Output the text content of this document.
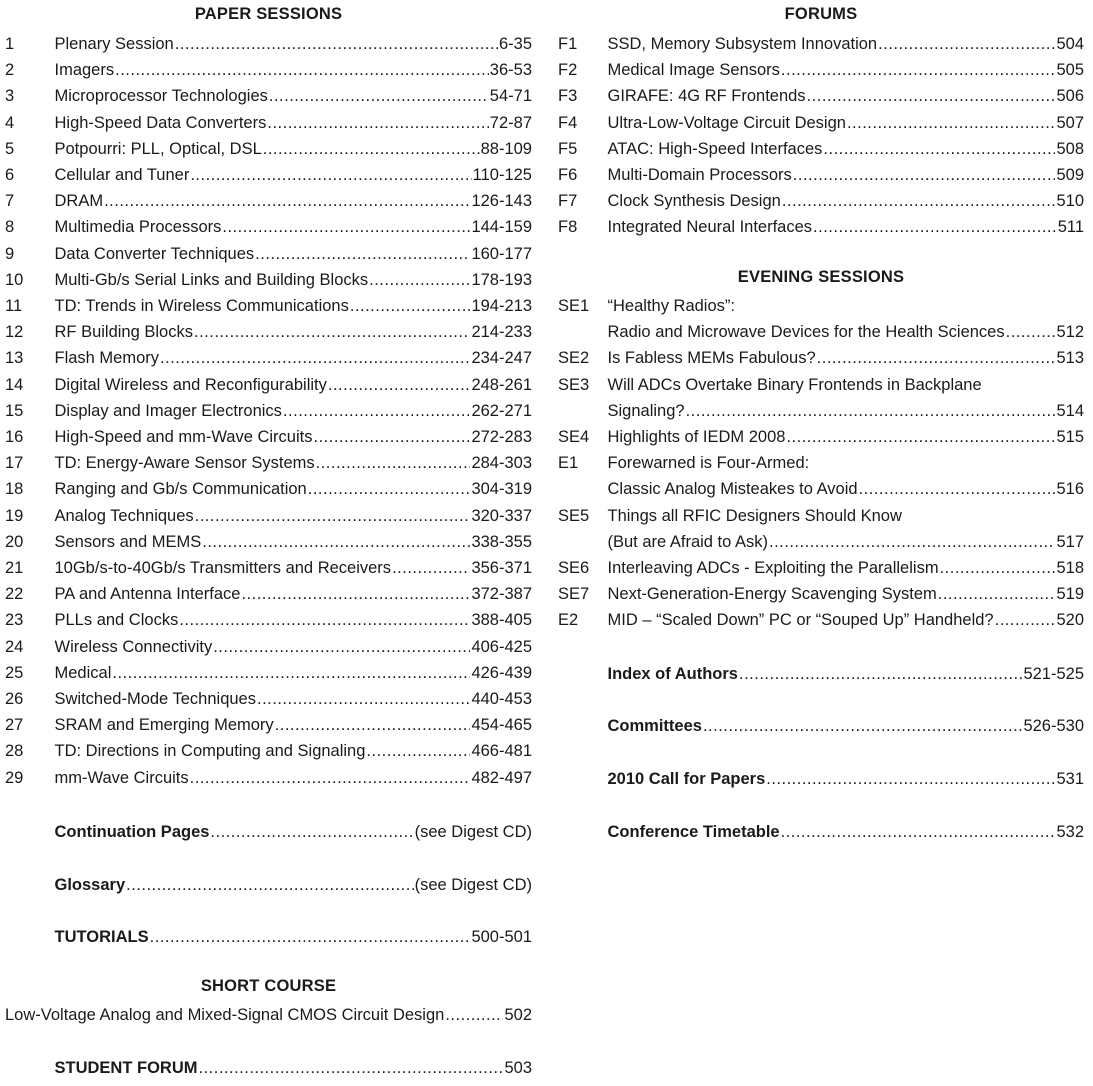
PAPER SESSIONS
1 Plenary Session .....	6-35
2 Imagers .....	36-53
3 Microprocessor Technologies .....	54-71
4 High-Speed Data Converters .....	72-87
5 Potpourri: PLL, Optical, DSL .....	88-109
6 Cellular and Tuner .....	110-125
7 DRAM .....	126-143
8 Multimedia Processors .....	144-159
9 Data Converter Techniques .....	160-177
10 Multi-Gb/s Serial Links and Building Blocks .....	178-193
11 TD: Trends in Wireless Communications .....	194-213
12 RF Building Blocks .....	214-233
13 Flash Memory .....	234-247
14 Digital Wireless and Reconfigurability .....	248-261
15 Display and Imager Electronics .....	262-271
16 High-Speed and mm-Wave Circuits .....	272-283
17 TD: Energy-Aware Sensor Systems .....	284-303
18 Ranging and Gb/s Communication .....	304-319
19 Analog Techniques .....	320-337
20 Sensors and MEMS .....	338-355
21 10Gb/s-to-40Gb/s Transmitters and Receivers .....	356-371
22 PA and Antenna Interface .....	372-387
23 PLLs and Clocks .....	388-405
24 Wireless Connectivity .....	406-425
25 Medical .....	426-439
26 Switched-Mode Techniques .....	440-453
27 SRAM and Emerging Memory .....	454-465
28 TD: Directions in Computing and Signaling .....	466-481
29 mm-Wave Circuits .....	482-497
Continuation Pages .....	(see Digest CD)
Glossary .....	(see Digest CD)
TUTORIALS .....	500-501
SHORT COURSE
Low-Voltage Analog and Mixed-Signal CMOS Circuit Design .....	502
STUDENT FORUM .....	503
FORUMS
F1 SSD, Memory Subsystem Innovation .....	504
F2 Medical Image Sensors .....	505
F3 GIRAFE: 4G RF Frontends .....	506
F4 Ultra-Low-Voltage Circuit Design .....	507
F5 ATAC: High-Speed Interfaces .....	508
F6 Multi-Domain Processors .....	509
F7 Clock Synthesis Design .....	510
F8 Integrated Neural Interfaces .....	511
EVENING SESSIONS
SE1 “Healthy Radios”:
Radio and Microwave Devices for the Health Sciences .....	512
SE2 Is Fabless MEMs Fabulous? .....	513
SE3 Will ADCs Overtake Binary Frontends in Backplane
Signaling? .....	514
SE4 Highlights of IEDM 2008 .....	515
E1 Forewarned is Four-Armed:
Classic Analog Misteakes to Avoid .....	516
SE5 Things all RFIC Designers Should Know
(But are Afraid to Ask) .....	517
SE6 Interleaving ADCs - Exploiting the Parallelism .....	518
SE7 Next-Generation-Energy Scavenging System .....	519
E2 MID – “Scaled Down” PC or “Souped Up” Handheld? .....	520
Index of Authors .....	521-525
Committees .....	526-530
2010 Call for Papers .....	531
Conference Timetable .....	532
